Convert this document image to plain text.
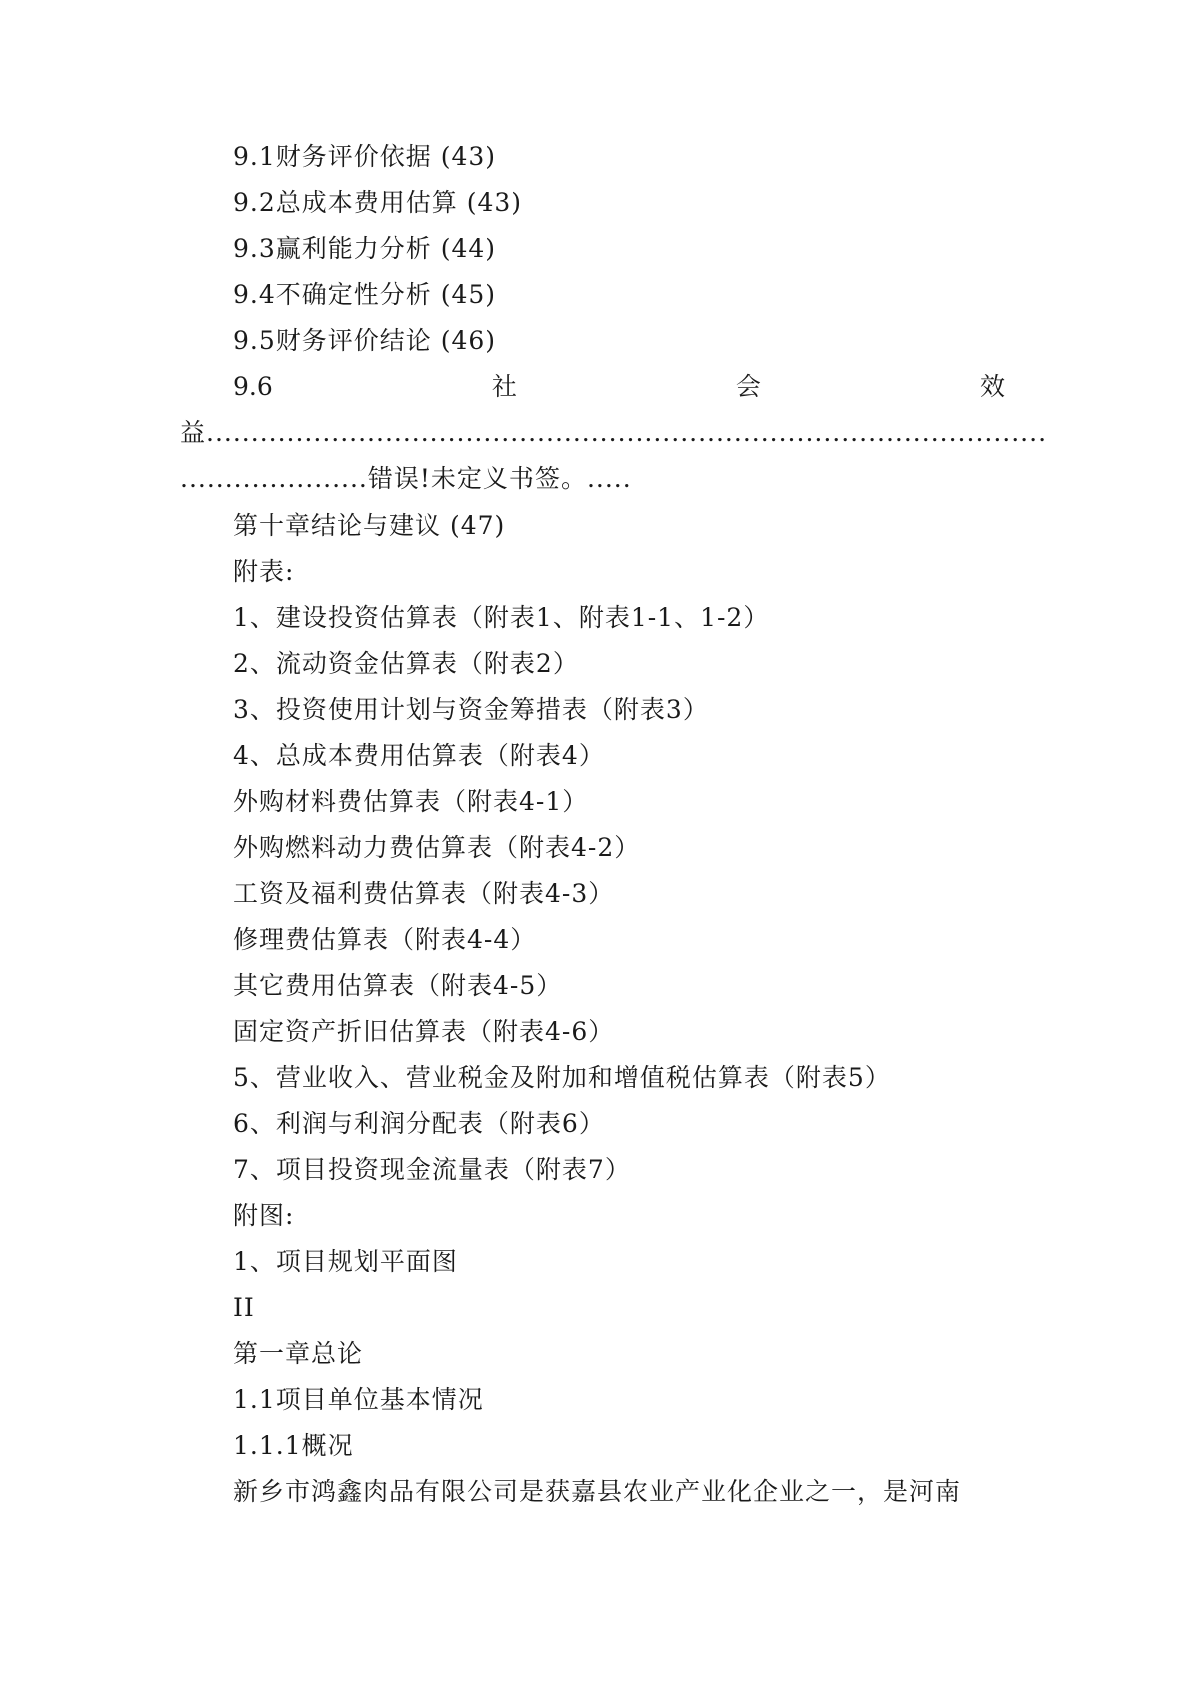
9.1财务评价依据 (43)
9.2总成本费用估算 (43)
9.3赢利能力分析 (44)
9.4不确定性分析 (45)
9.5财务评价结论 (46)
9.6	社	会	效
益..............................................................................................
.....................错误!未定义书签。.....
第十章结论与建议 (47)
附表:
1、建设投资估算表（附表1、附表1-1、1-2）
2、流动资金估算表（附表2）
3、投资使用计划与资金筹措表（附表3）
4、总成本费用估算表（附表4）
外购材料费估算表（附表4-1）
外购燃料动力费估算表（附表4-2）
工资及福利费估算表（附表4-3）
修理费估算表（附表4-4）
其它费用估算表（附表4-5）
固定资产折旧估算表（附表4-6）
5、营业收入、营业税金及附加和增值税估算表（附表5）
6、利润与利润分配表（附表6）
7、项目投资现金流量表（附表7）
附图:
1、项目规划平面图
II
第一章总论
1.1项目单位基本情况
1.1.1概况
新乡市鸿鑫肉品有限公司是获嘉县农业产业化企业之一，是河南
